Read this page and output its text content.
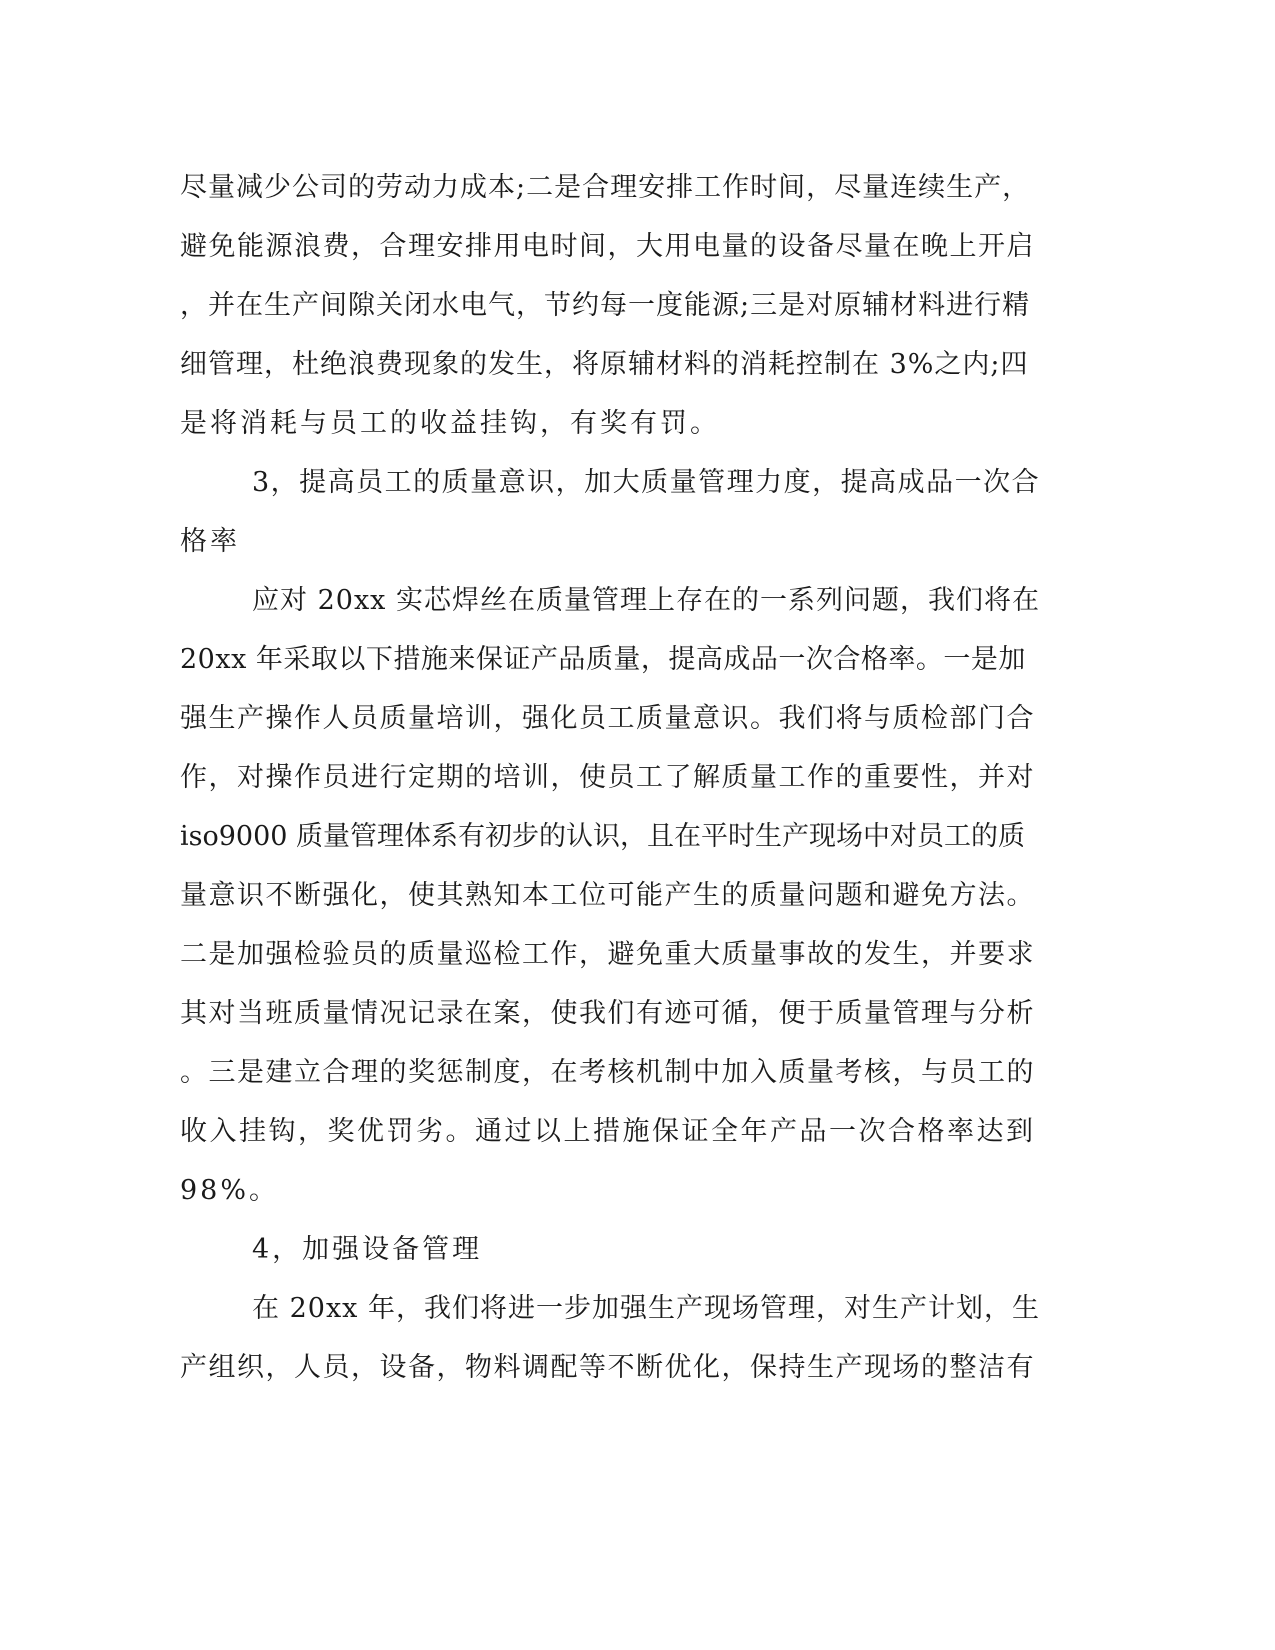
尽量减少公司的劳动力成本;二是合理安排工作时间，尽量连续生产，
避免能源浪费，合理安排用电时间，大用电量的设备尽量在晚上开启
，并在生产间隙关闭水电气，节约每一度能源;三是对原辅材料进行精
细管理，杜绝浪费现象的发生，将原辅材料的消耗控制在 3%之内;四
是将消耗与员工的收益挂钩，有奖有罚。
3，提高员工的质量意识，加大质量管理力度，提高成品一次合
格率
应对 20xx 实芯焊丝在质量管理上存在的一系列问题，我们将在
20xx 年采取以下措施来保证产品质量，提高成品一次合格率。一是加
强生产操作人员质量培训，强化员工质量意识。我们将与质检部门合
作，对操作员进行定期的培训，使员工了解质量工作的重要性，并对
iso9000 质量管理体系有初步的认识，且在平时生产现场中对员工的质
量意识不断强化，使其熟知本工位可能产生的质量问题和避免方法。
二是加强检验员的质量巡检工作，避免重大质量事故的发生，并要求
其对当班质量情况记录在案，使我们有迹可循，便于质量管理与分析
。三是建立合理的奖惩制度，在考核机制中加入质量考核，与员工的
收入挂钩，奖优罚劣。通过以上措施保证全年产品一次合格率达到
98%。
4，加强设备管理
在 20xx 年，我们将进一步加强生产现场管理，对生产计划，生
产组织，人员，设备，物料调配等不断优化，保持生产现场的整洁有
